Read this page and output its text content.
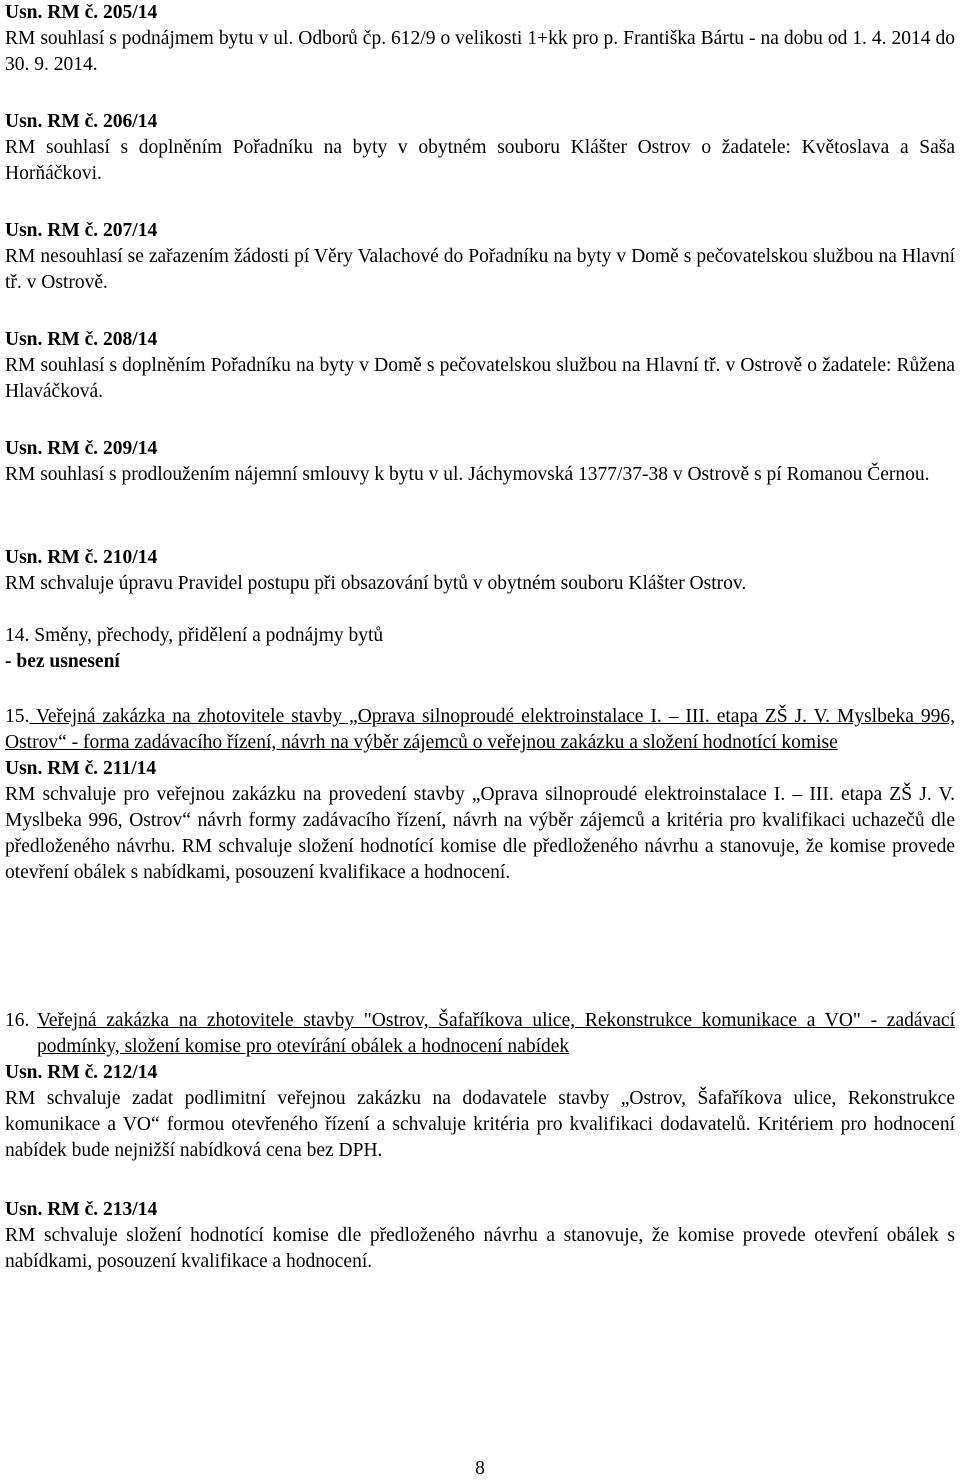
Usn. RM č. 205/14
RM souhlasí s podnájmem bytu v ul. Odborů čp. 612/9 o velikosti 1+kk pro p. Františka Bártu - na dobu od 1. 4. 2014 do 30. 9. 2014.
Usn. RM č. 206/14
RM souhlasí s doplněním Pořadníku na byty v obytném souboru Klášter Ostrov o žadatele: Květoslava a Saša Horňáčkovi.
Usn. RM č. 207/14
RM nesouhlasí se zařazením žádosti pí Věry Valachové do Pořadníku na byty v Domě s pečovatelskou službou na Hlavní tř. v Ostrově.
Usn. RM č. 208/14
RM souhlasí s doplněním Pořadníku na byty v Domě s pečovatelskou službou na Hlavní tř. v Ostrově o žadatele: Růžena Hlaváčková.
Usn. RM č. 209/14
RM souhlasí s prodloužením nájemní smlouvy k bytu v ul. Jáchymovská 1377/37-38 v Ostrově s pí Romanou Černou.
Usn. RM č. 210/14
RM schvaluje úpravu Pravidel postupu při obsazování bytů v obytném souboru Klášter Ostrov.
14. Směny, přechody, přidělení a podnájmy bytů
- bez usnesení
15. Veřejná zakázka na zhotovitele stavby „Oprava silnoproudé elektroinstalace I. – III. etapa ZŠ J. V. Myslbeka 996, Ostrov“ - forma zadávacího řízení, návrh na výběr zájemců o veřejnou zakázku a složení hodnotící komise
Usn. RM č. 211/14
RM schvaluje pro veřejnou zakázku na provedení stavby „Oprava silnoproudé elektroinstalace I. – III. etapa ZŠ J. V. Myslbeka 996, Ostrov“ návrh formy zadávacího řízení, návrh na výběr zájemců a kritéria pro kvalifikaci uchazečů dle předloženého návrhu. RM schvaluje složení hodnotící komise dle předloženého návrhu a stanovuje, že komise provede otevření obálek s nabídkami, posouzení kvalifikace a hodnocení.
16. Veřejná zakázka na zhotovitele stavby "Ostrov, Šafaříkova ulice, Rekonstrukce komunikace a VO" - zadávací podmínky, složení komise pro otevírání obálek a hodnocení nabídek
Usn. RM č. 212/14
RM schvaluje zadat podlimitní veřejnou zakázku na dodavatele stavby „Ostrov, Šafaříkova ulice, Rekonstrukce komunikace a VO“ formou otevřeného řízení a schvaluje kritéria pro kvalifikaci dodavatelů. Kritériem pro hodnocení nabídek bude nejnižší nabídková cena bez DPH.
Usn. RM č. 213/14
RM schvaluje složení hodnotící komise dle předloženého návrhu a stanovuje, že komise provede otevření obálek s nabídkami, posouzení kvalifikace a hodnocení.
8
